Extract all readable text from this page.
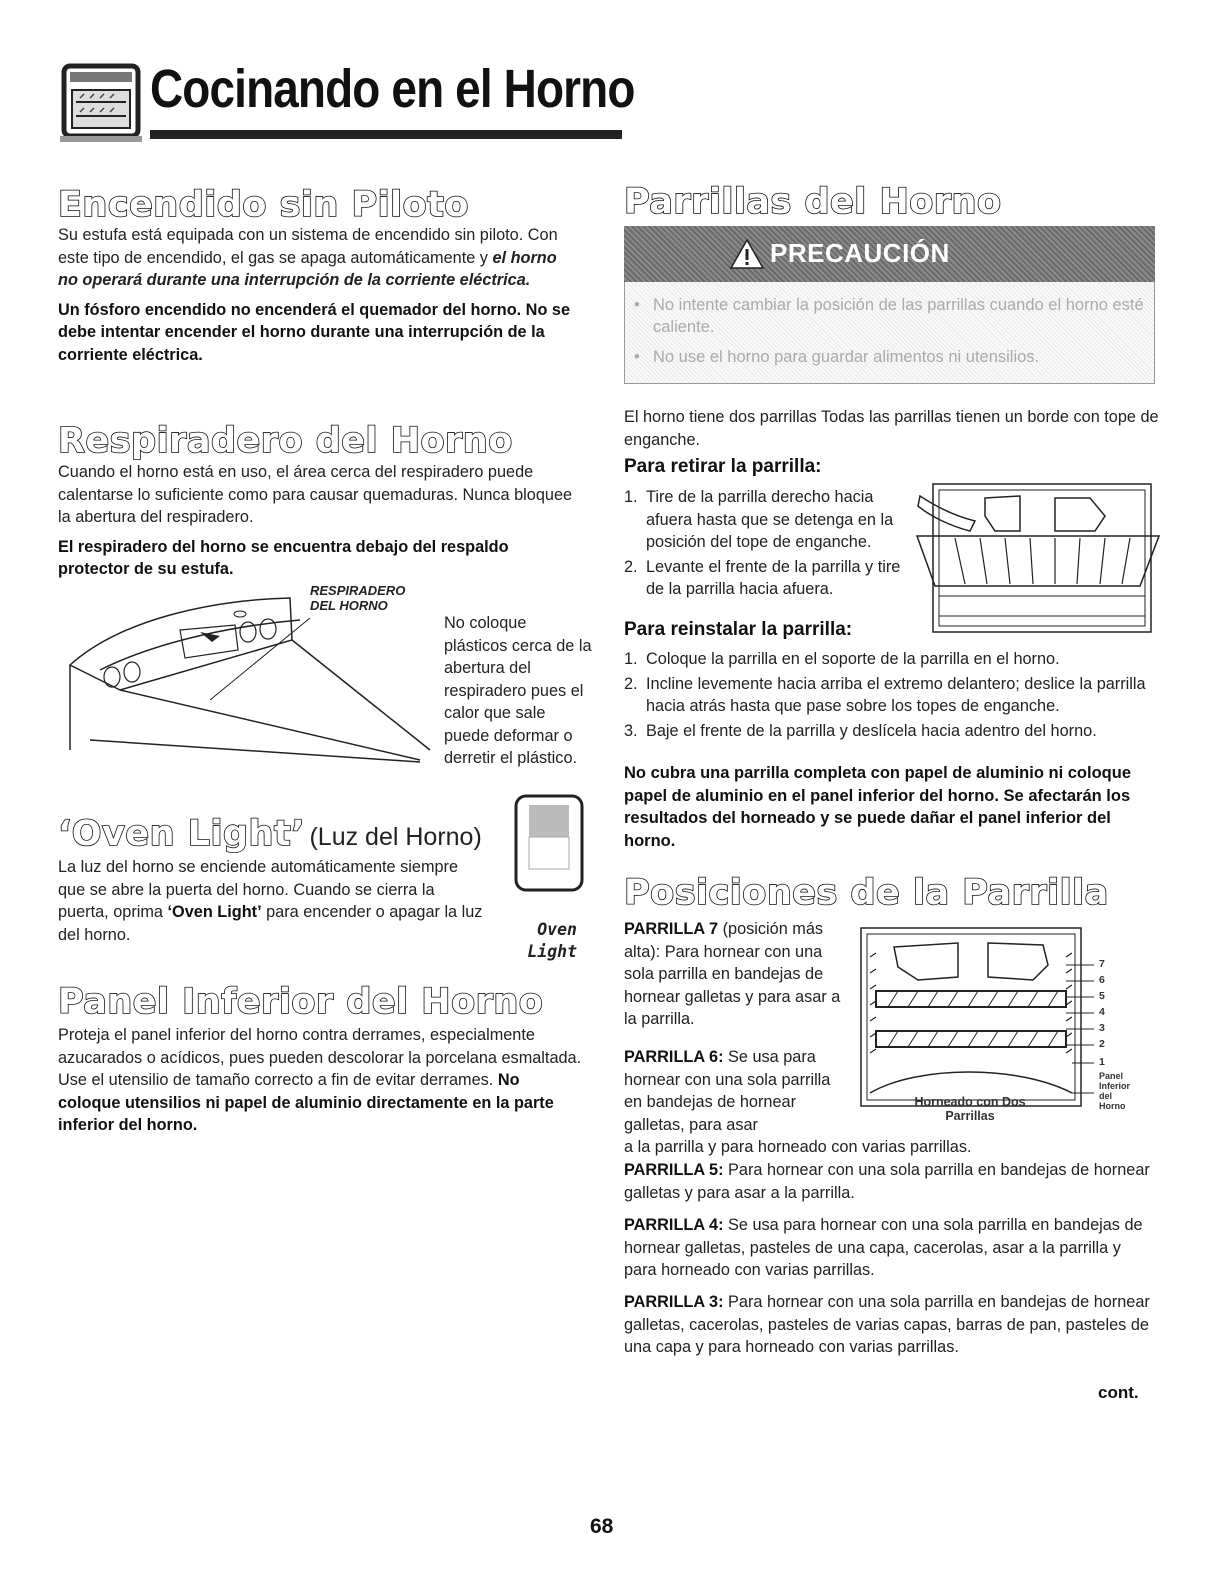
Cocinando en el Horno
Encendido sin Piloto

Su estufa está equipada con un sistema de encendido sin piloto. Con este tipo de encendido, el gas se apaga automáticamente y el horno no operará durante una interrupción de la corriente eléctrica.

Un fósforo encendido no encenderá el quemador del horno. No se debe intentar encender el horno durante una interrupción de la corriente eléctrica.

Respiradero del Horno

Cuando el horno está en uso, el área cerca del respiradero puede calentarse lo suficiente como para causar quemaduras. Nunca bloquee la abertura del respiradero.

El respiradero del horno se encuentra debajo del respaldo protector de su estufa.

RESPIRADERO
DEL HORNO
No coloque plásticos cerca de la abertura del respiradero pues el calor que sale puede deformar o derretir el plástico.
‘Oven Light’ (Luz del Horno)

La luz del horno se enciende automáticamente siempre que se abre la puerta del horno. Cuando se cierra la puerta, oprima ‘Oven Light’ para encender o apagar la luz del horno.	Oven
Light
Panel Inferior del Horno

Proteja el panel inferior del horno contra derrames, especialmente azucarados o acídicos, pues pueden descolorar la porcelana esmaltada. Use el utensilio de tamaño correcto a fin de evitar derrames. No coloque utensilios ni papel de aluminio directamente en la parte inferior del horno.

Parrillas del Horno
PRECAUCIÓN
• No intente cambiar la posición de las parrillas cuando el horno esté caliente.
• No use el horno para guardar alimentos ni utensilios.
El horno tiene dos parrillas Todas las parrillas tienen un borde con tope de enganche.
Para retirar la parrilla:
1. Tire de la parrilla derecho hacia afuera hasta que se detenga en la posición del tope de enganche.
2. Levante el frente de la parrilla y tire de la parrilla hacia afuera.
Para reinstalar la parrilla:
1. Coloque la parrilla en el soporte de la parrilla en el horno.
2. Incline levemente hacia arriba el extremo delantero; deslice la parrilla hacia atrás hasta que pase sobre los topes de enganche.
3. Baje el frente de la parrilla y deslícela hacia adentro del horno.
No cubra una parrilla completa con papel de aluminio ni coloque papel de aluminio en el panel inferior del horno. Se afectarán los resultados del horneado y se puede dañar el panel inferior del horno.
Posiciones de la Parrilla

PARRILLA 7 (posición más alta): Para hornear con una sola parrilla en bandejas de hornear galletas y para asar a la parrilla.

PARRILLA 6: Se usa para hornear con una sola parrilla en bandejas de hornear galletas, para asar

a la parrilla y para horneado con varias parrillas.

7
6
5
4
3
2
1
Panel
Inferior
del
Horno
Horneado con Dos
Parrillas

PARRILLA 5: Para hornear con una sola parrilla en bandejas de hornear galletas y para asar a la parrilla.

PARRILLA 4: Se usa para hornear con una sola parrilla en bandejas de hornear galletas, pasteles de una capa, cacerolas, asar a la parrilla y para horneado con varias parrillas.

PARRILLA 3: Para hornear con una sola parrilla en bandejas de hornear galletas, cacerolas, pasteles de varias capas, barras de pan, pasteles de una capa y para horneado con varias parrillas.

cont.
68
